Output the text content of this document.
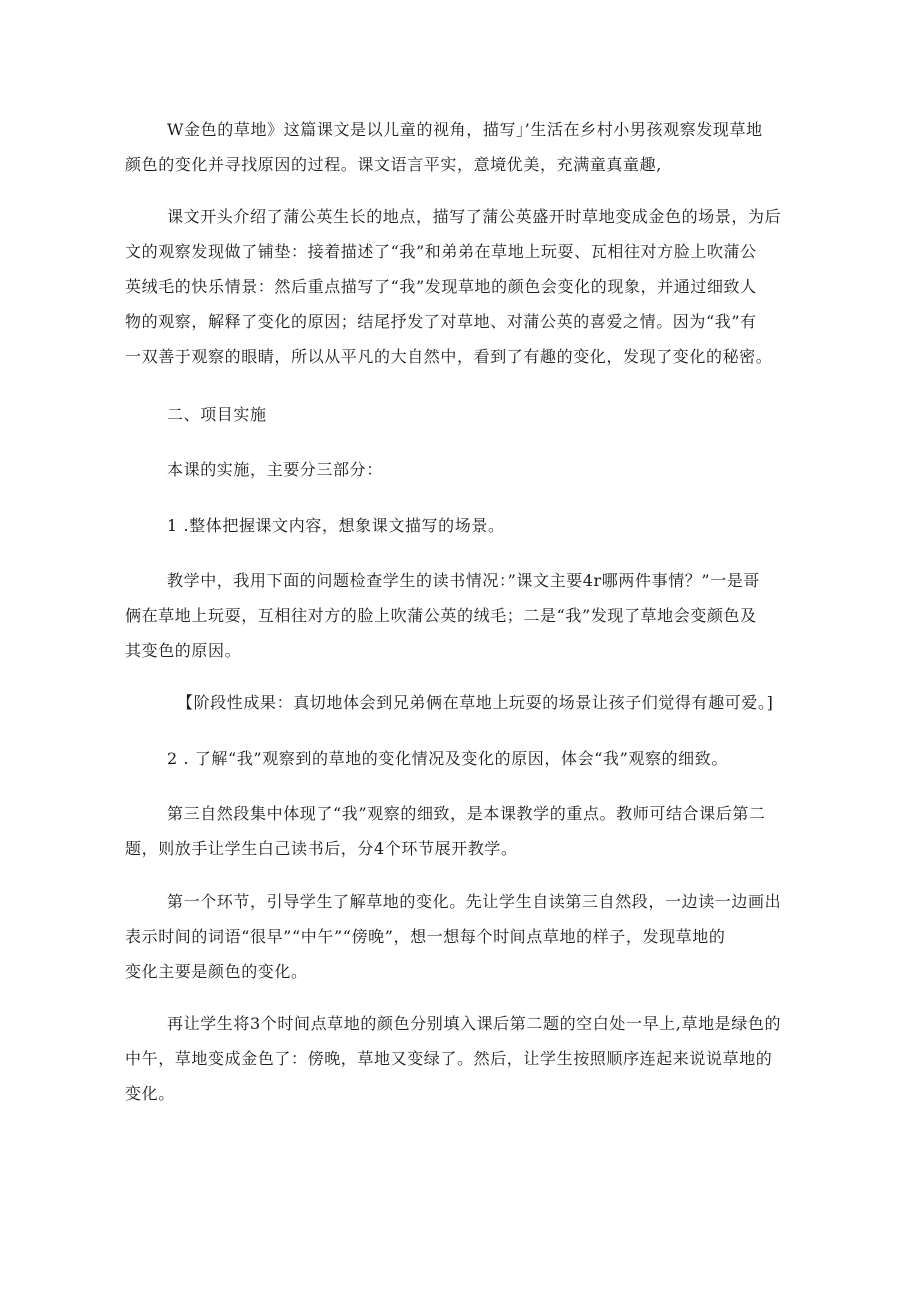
W金色的草地》这篇课文是以儿童的视角，描写」’生活在乡村小男孩观察发现草地
颜色的变化并寻找原因的过程。课文语言平实，意境优美，充满童真童趣,

课文开头介绍了蒲公英生长的地点，描写了蒲公英盛开时草地变成金色的场景，为后
文的观察发现做了铺垫：接着描述了“我”和弟弟在草地上玩耍、瓦相往对方脸上吹蒲公
英绒毛的快乐情景：然后重点描写了“我”发现草地的颜色会变化的现象，并通过细致人
物的观察，解释了变化的原因；结尾抒发了对草地、对蒲公英的喜爱之情。因为“我”有
一双善于观察的眼睛，所以从平凡的大自然中，看到了有趣的变化，发现了变化的秘密。

二、项目实施

本课的实施，主要分三部分：

1 .整体把握课文内容，想象课文描写的场景。

教学中，我用下面的问题检查学生的读书情况：”课文主要4r哪两件事情？”一是哥
俩在草地上玩耍，互相往对方的脸上吹蒲公英的绒毛；二是“我”发现了草地会变颜色及
其变色的原因。

【阶段性成果：真切地体会到兄弟俩在草地上玩耍的场景让孩子们觉得有趣可爱。]

2 . 了解“我”观察到的草地的变化情况及变化的原因，体会“我”观察的细致。

第三自然段集中体现了“我”观察的细致，是本课教学的重点。教师可结合课后第二
题，则放手让学生白己读书后，分4个环节展开教学。

第一个环节，引导学生了解草地的变化。先让学生自读第三自然段，一边读一边画出
表示时间的词语“很早”“中午”“傍晚”，想一想每个时间点草地的样子，发现草地的
变化主要是颜色的变化。

再让学生将3个时间点草地的颜色分别填入课后第二题的空白处一早上,草地是绿色的
中午，草地变成金色了：傍晚，草地又变绿了。然后，让学生按照顺序连起来说说草地的
变化。
